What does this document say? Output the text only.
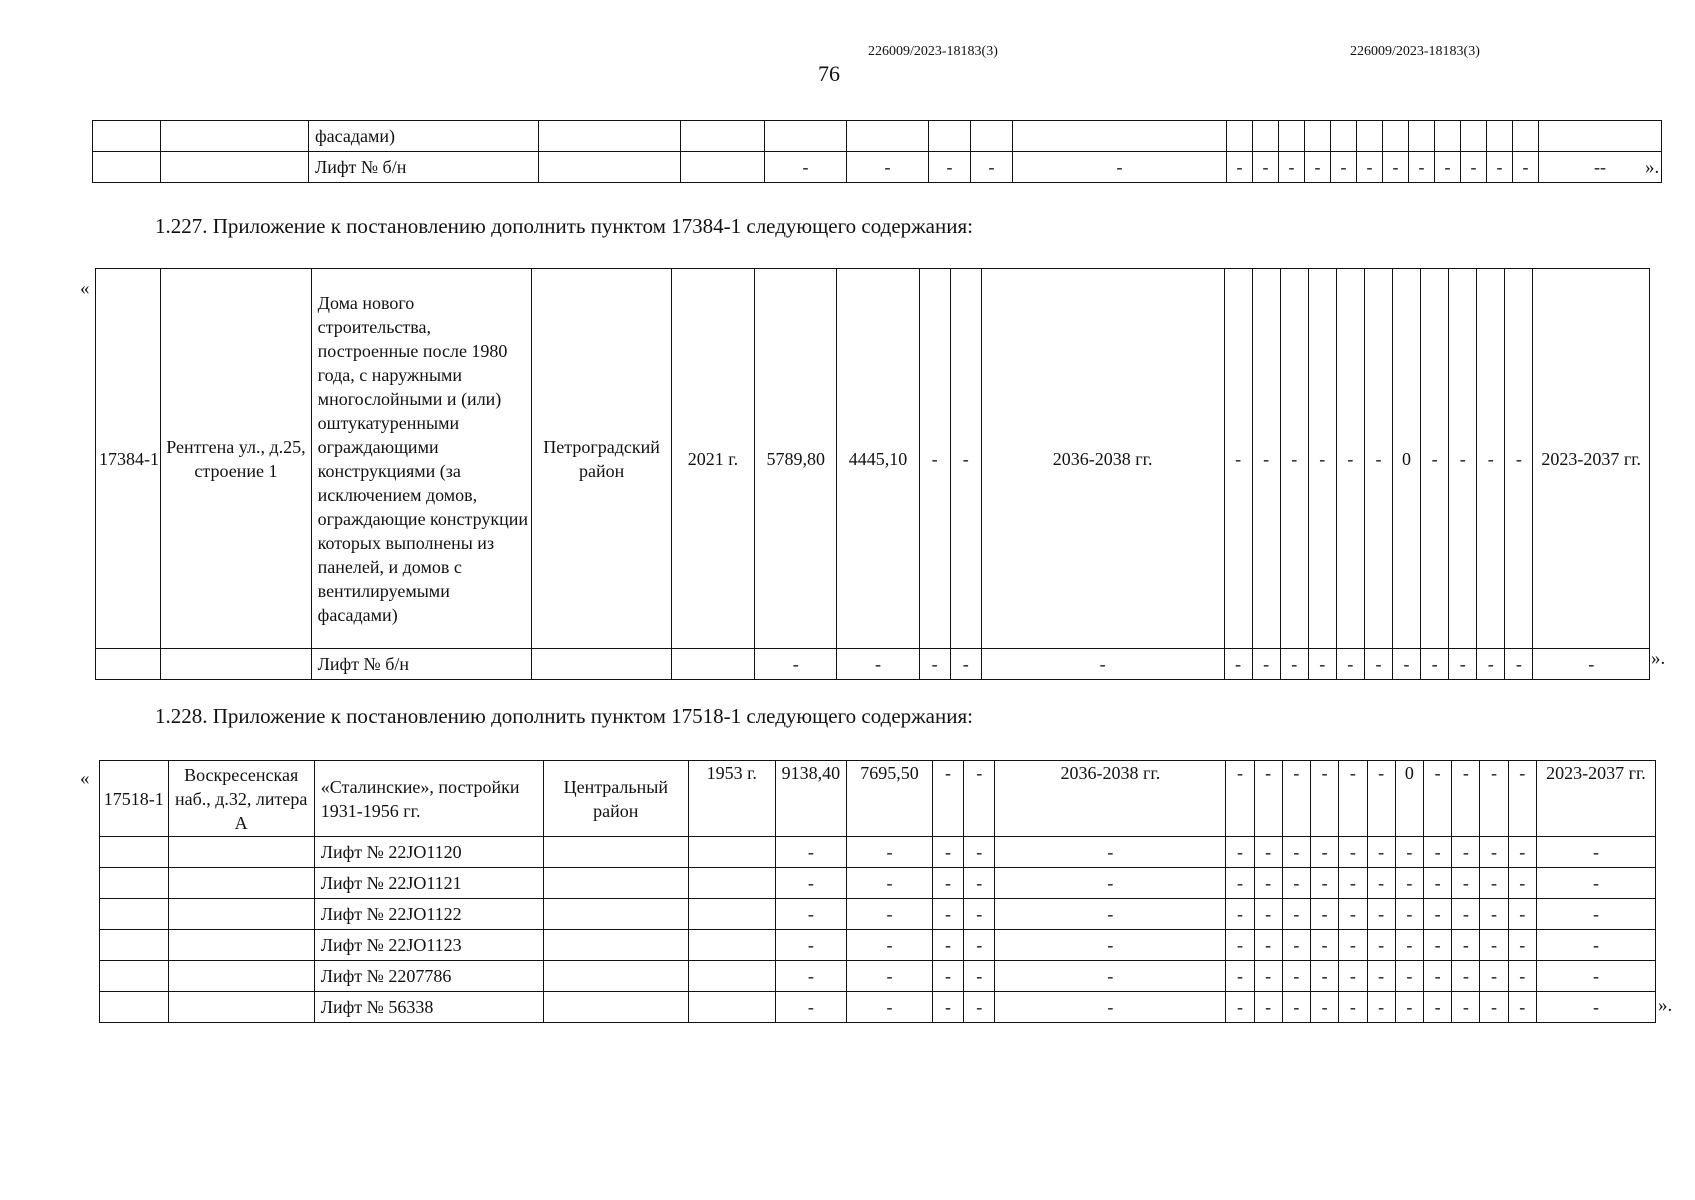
226009/2023-18183(3)	226009/2023-18183(3)
76
		фасадами)																				
		Лифт № б/н			-	-	-	-	-	-	-	-	-	-	-	-	-	-	-	-	-	-- ».
1.227. Приложение к постановлению дополнить пунктом 17384-1 следующего содержания:
«
17384-1	Рентгена ул., д.25, строение 1	Дома нового строительства, построенные после 1980 года, с наружными многослойными и (или) оштукатуренными ограждающими конструкциями (за исключением домов, ограждающие конструкции которых выполнены из панелей, и домов с вентилируемыми фасадами)	Петроградский район	2021 г.	5789,80	4445,10	-	-	2036-2038 гг.	-	-	-	-	-	-	0	-	-	-	-	2023-2037 гг.
		Лифт № б/н			-	-	-	-	-	-	-	-	-	-	-	-	-	-	-	-	-	».
1.228. Приложение к постановлению дополнить пунктом 17518-1 следующего содержания:
«
17518-1	Воскресенская наб., д.32, литера А	«Сталинские», постройки 1931-1956 гг.	Центральный район	1953 г.	9138,40	7695,50	-	-	2036-2038 гг.	-	-	-	-	-	-	0	-	-	-	-	2023-2037 гг.
		Лифт № 22JO1120			-	-	-	-	-	-	-	-	-	-	-	-	-	-	-	-	-
		Лифт № 22JO1121			-	-	-	-	-	-	-	-	-	-	-	-	-	-	-	-	-
		Лифт № 22JO1122			-	-	-	-	-	-	-	-	-	-	-	-	-	-	-	-	-
		Лифт № 22JO1123			-	-	-	-	-	-	-	-	-	-	-	-	-	-	-	-	-
		Лифт № 2207786			-	-	-	-	-	-	-	-	-	-	-	-	-	-	-	-	-
		Лифт № 56338			-	-	-	-	-	-	-	-	-	-	-	-	-	-	-	-	-	».
